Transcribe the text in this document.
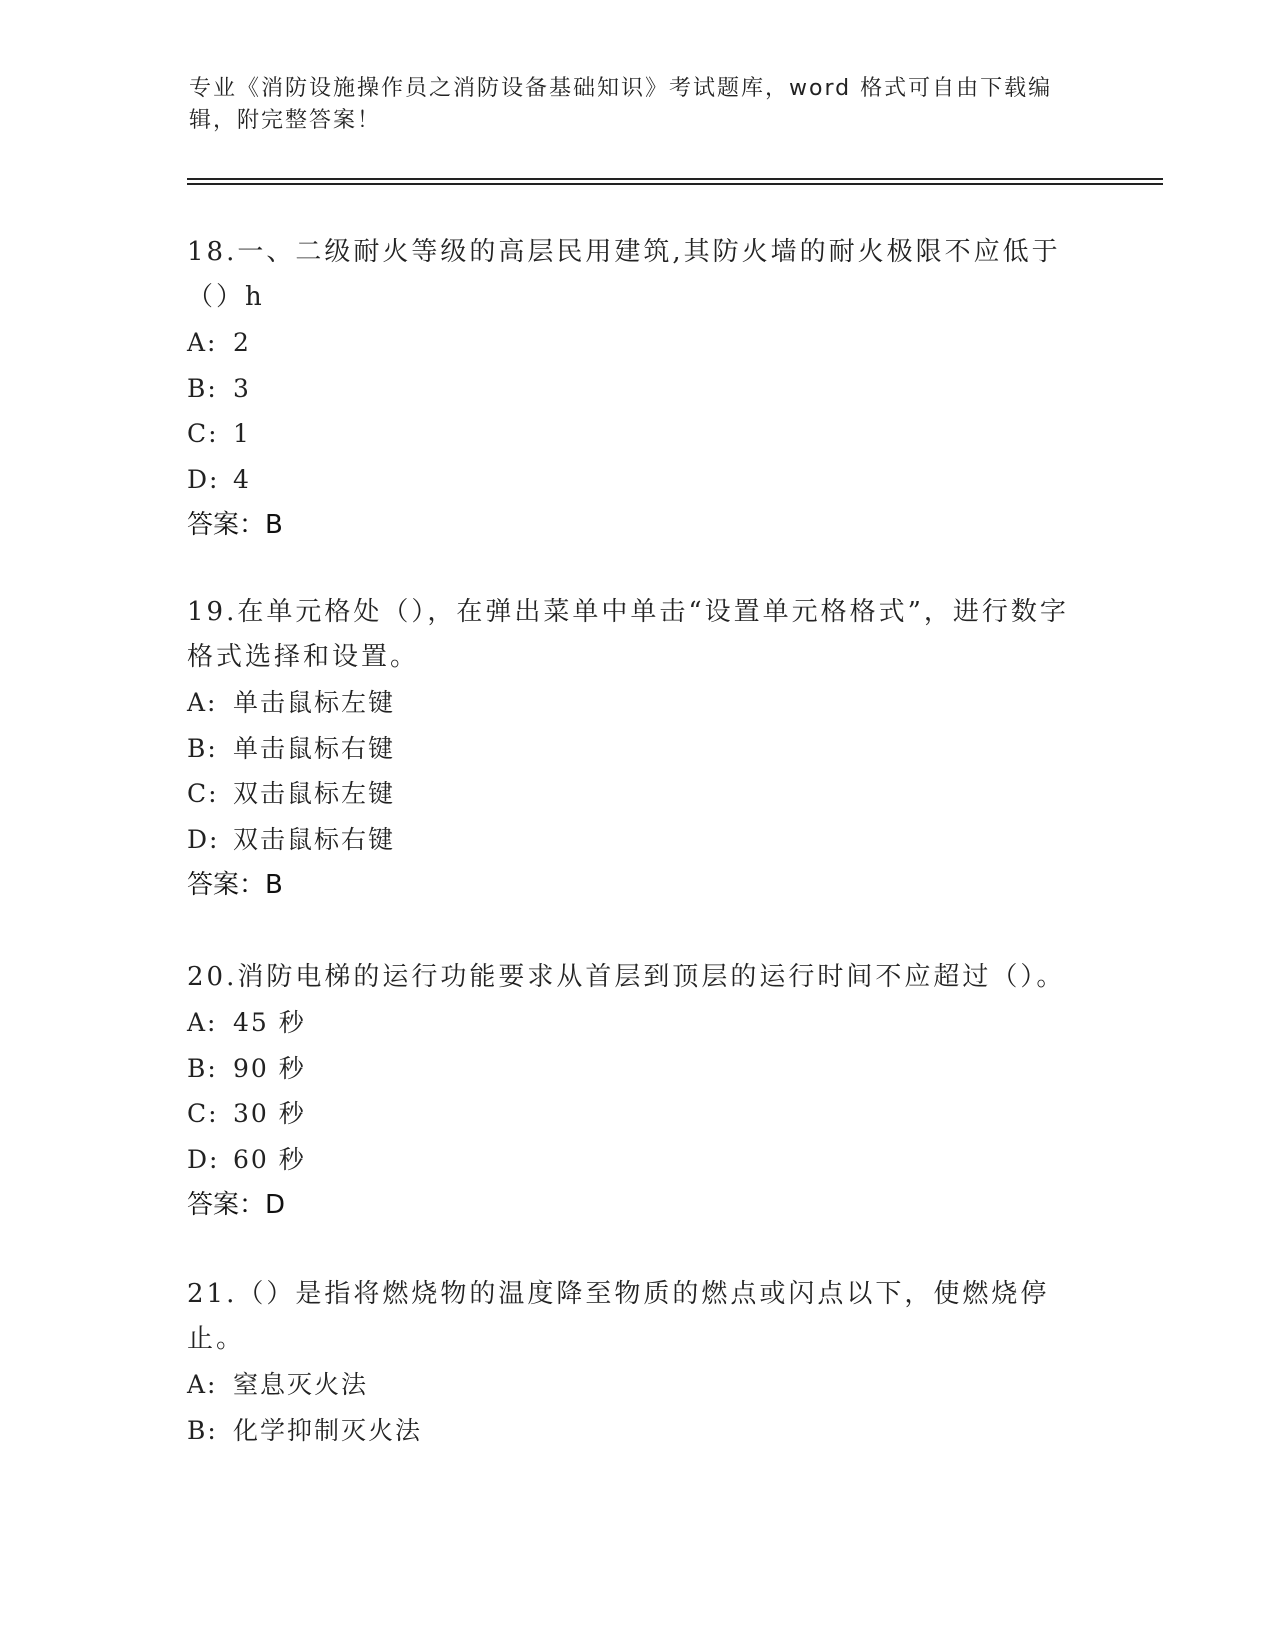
专业《消防设施操作员之消防设备基础知识》考试题库，word 格式可自由下载编辑，附完整答案！

18.一、二级耐火等级的高层民用建筑,其防火墙的耐火极限不应低于（）h

A: 2
B: 3
C: 1
D: 4

答案：B

19.在单元格处（），在弹出菜单中单击“设置单元格格式”，进行数字格式选择和设置。

A: 单击鼠标左键
B: 单击鼠标右键
C: 双击鼠标左键
D: 双击鼠标右键

答案：B

20.消防电梯的运行功能要求从首层到顶层的运行时间不应超过（）。

A: 45 秒
B: 90 秒
C: 30 秒
D: 60 秒

答案：D

21.（）是指将燃烧物的温度降至物质的燃点或闪点以下，使燃烧停止。

A: 窒息灭火法
B: 化学抑制灭火法
